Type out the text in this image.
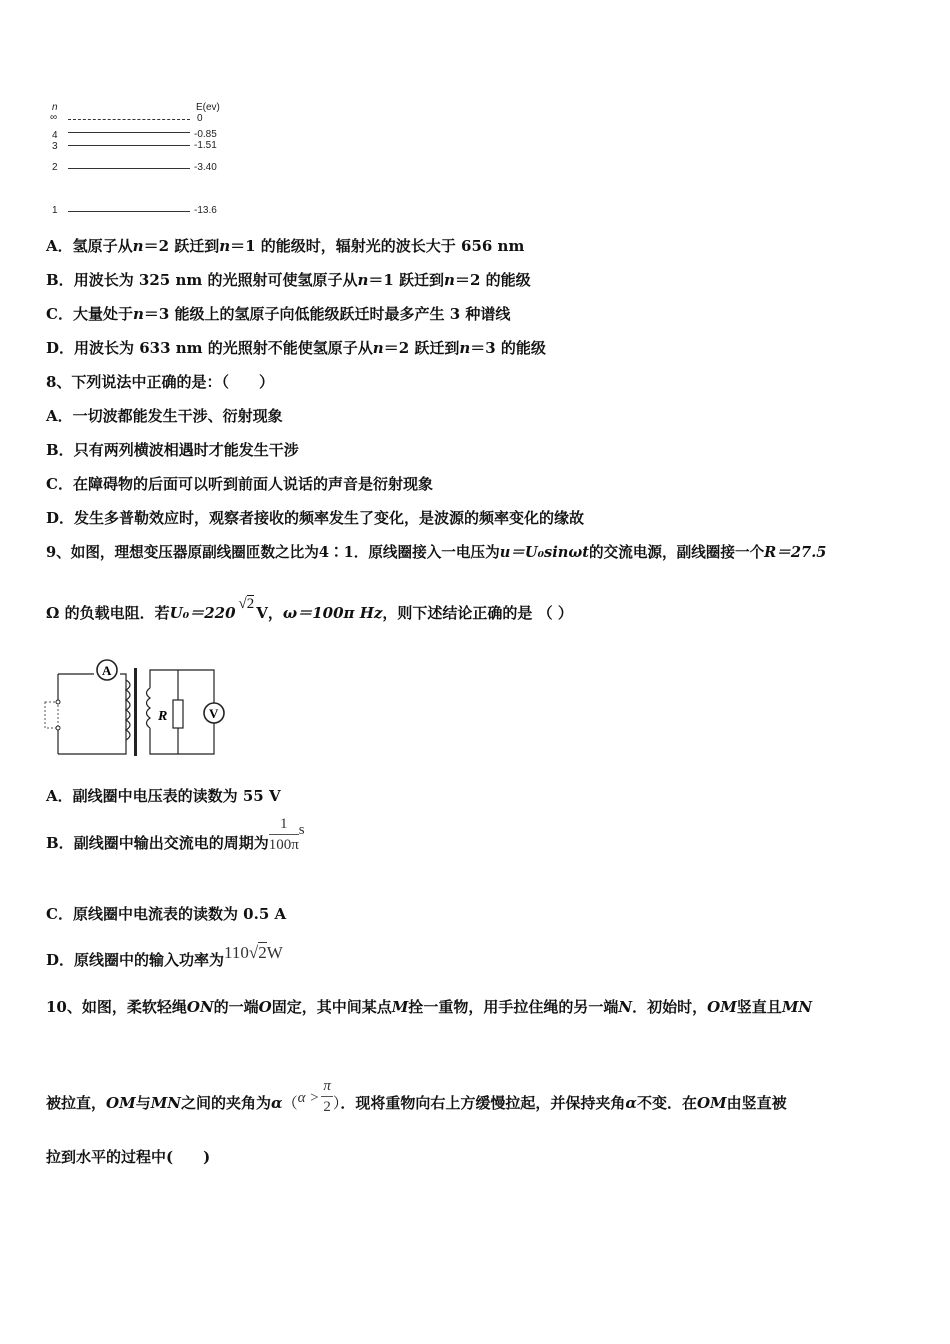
n	E(ev)
∞	0
4	-0.85
3	-1.51
2	-3.40
1	-13.6
A．氢原子从n＝2 跃迁到n＝1 的能级时，辐射光的波长大于 656 nm
B．用波长为 325 nm 的光照射可使氢原子从n＝1 跃迁到n＝2 的能级
C．大量处于n＝3 能级上的氢原子向低能级跃迁时最多产生 3 种谱线
D．用波长为 633 nm 的光照射不能使氢原子从n＝2 跃迁到n＝3 的能级
8、下列说法中正确的是：（　　）
A．一切波都能发生干涉、衍射现象
B．只有两列横波相遇时才能发生干涉
C．在障碍物的后面可以听到前面人说话的声音是衍射现象
D．发生多普勒效应时，观察者接收的频率发生了变化，是波源的频率变化的缘故
9、如图，理想变压器原副线圈匝数之比为4∶1．原线圈接入一电压为u＝U₀sinωt的交流电源，副线圈接一个R＝27.5
Ω 的负载电阻．若U₀＝220 √2 V，ω＝100π Hz，则下述结论正确的是 （ ）
A
R	V
A．副线圈中电压表的读数为 55 V
B．副线圈中输出交流电的周期为 $\frac{1}{100\pi}$ s
C．原线圈中电流表的读数为 0.5 A
D．原线圈中的输入功率为110√2W
10、如图，柔软轻绳ON的一端O固定，其中间某点M拴一重物，用手拉住绳的另一端N．初始时，OM竖直且MN
被拉直，OM与MN之间的夹角为$\alpha(\alpha > \frac{\pi}{2}$ ）．现将重物向右上方缓慢拉起，并保持夹角α不变．在OM由竖直被
拉到水平的过程中(　　)
